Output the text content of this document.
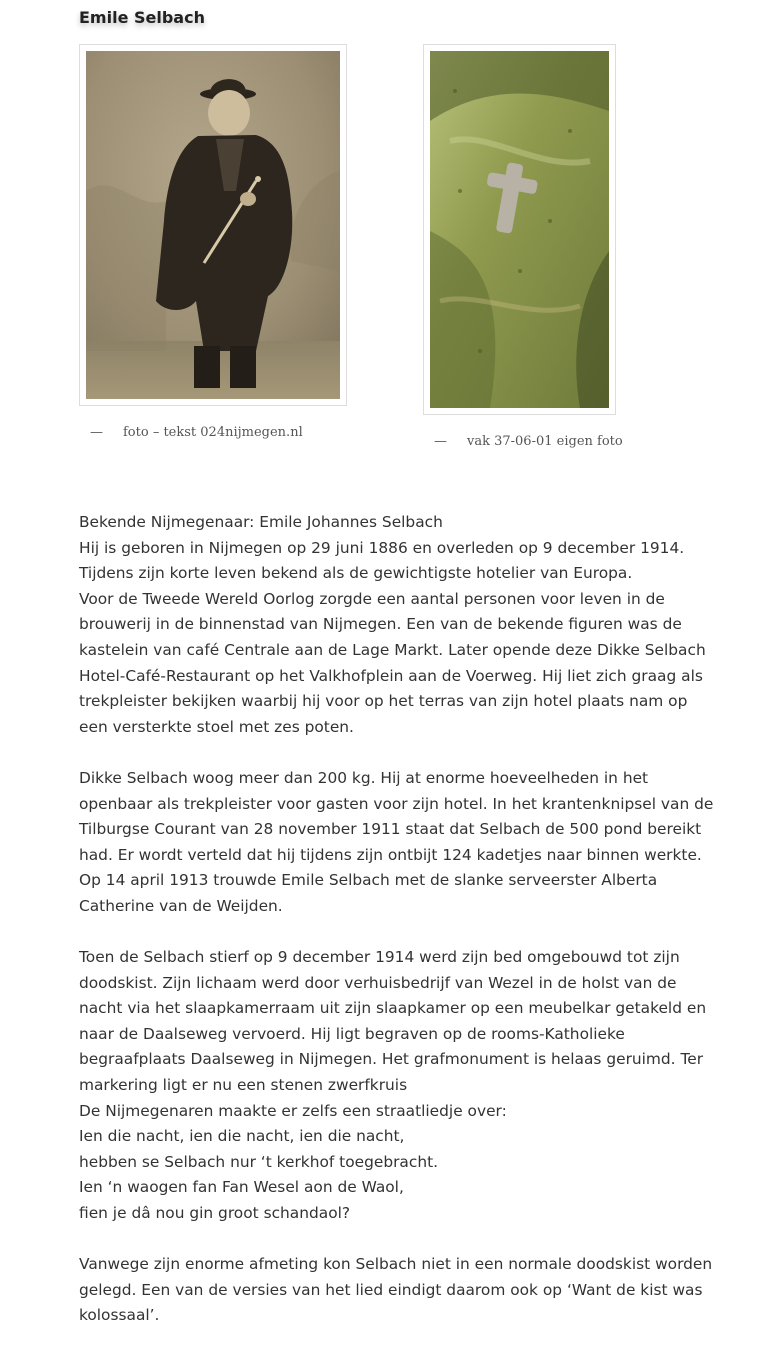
Emile Selbach
— foto – tekst 024nijmegen.nl
— vak 37-06-01 eigen foto

Bekende Nijmegenaar: Emile Johannes Selbach
Hij is geboren in Nijmegen op 29 juni 1886 en overleden op 9 december 1914.
Tijdens zijn korte leven bekend als de gewichtigste hotelier van Europa.
Voor de Tweede Wereld Oorlog zorgde een aantal personen voor leven in de
brouwerij in de binnenstad van Nijmegen. Een van de bekende figuren was de
kastelein van café Centrale aan de Lage Markt. Later opende deze Dikke Selbach
Hotel-Café-Restaurant op het Valkhofplein aan de Voerweg. Hij liet zich graag als
trekpleister bekijken waarbij hij voor op het terras van zijn hotel plaats nam op
een versterkte stoel met zes poten.

Dikke Selbach woog meer dan 200 kg. Hij at enorme hoeveelheden in het
openbaar als trekpleister voor gasten voor zijn hotel. In het krantenknipsel van de
Tilburgse Courant van 28 november 1911 staat dat Selbach de 500 pond bereikt
had. Er wordt verteld dat hij tijdens zijn ontbijt 124 kadetjes naar binnen werkte.
Op 14 april 1913 trouwde Emile Selbach met de slanke serveerster Alberta
Catherine van de Weijden.

Toen de Selbach stierf op 9 december 1914 werd zijn bed omgebouwd tot zijn
doodskist. Zijn lichaam werd door verhuisbedrijf van Wezel in de holst van de
nacht via het slaapkamerraam uit zijn slaapkamer op een meubelkar getakeld en
naar de Daalseweg vervoerd. Hij ligt begraven op de rooms-Katholieke
begraafplaats Daalseweg in Nijmegen. Het grafmonument is helaas geruimd. Ter
markering ligt er nu een stenen zwerfkruis
De Nijmegenaren maakte er zelfs een straatliedje over:
Ien die nacht, ien die nacht, ien die nacht,
hebben se Selbach nur ‘t kerkhof toegebracht.
Ien ‘n waogen fan Fan Wesel aon de Waol,
fien je dâ nou gin groot schandaol?

Vanwege zijn enorme afmeting kon Selbach niet in een normale doodskist worden
gelegd. Een van de versies van het lied eindigt daarom ook op ‘Want de kist was
kolossaal’.
